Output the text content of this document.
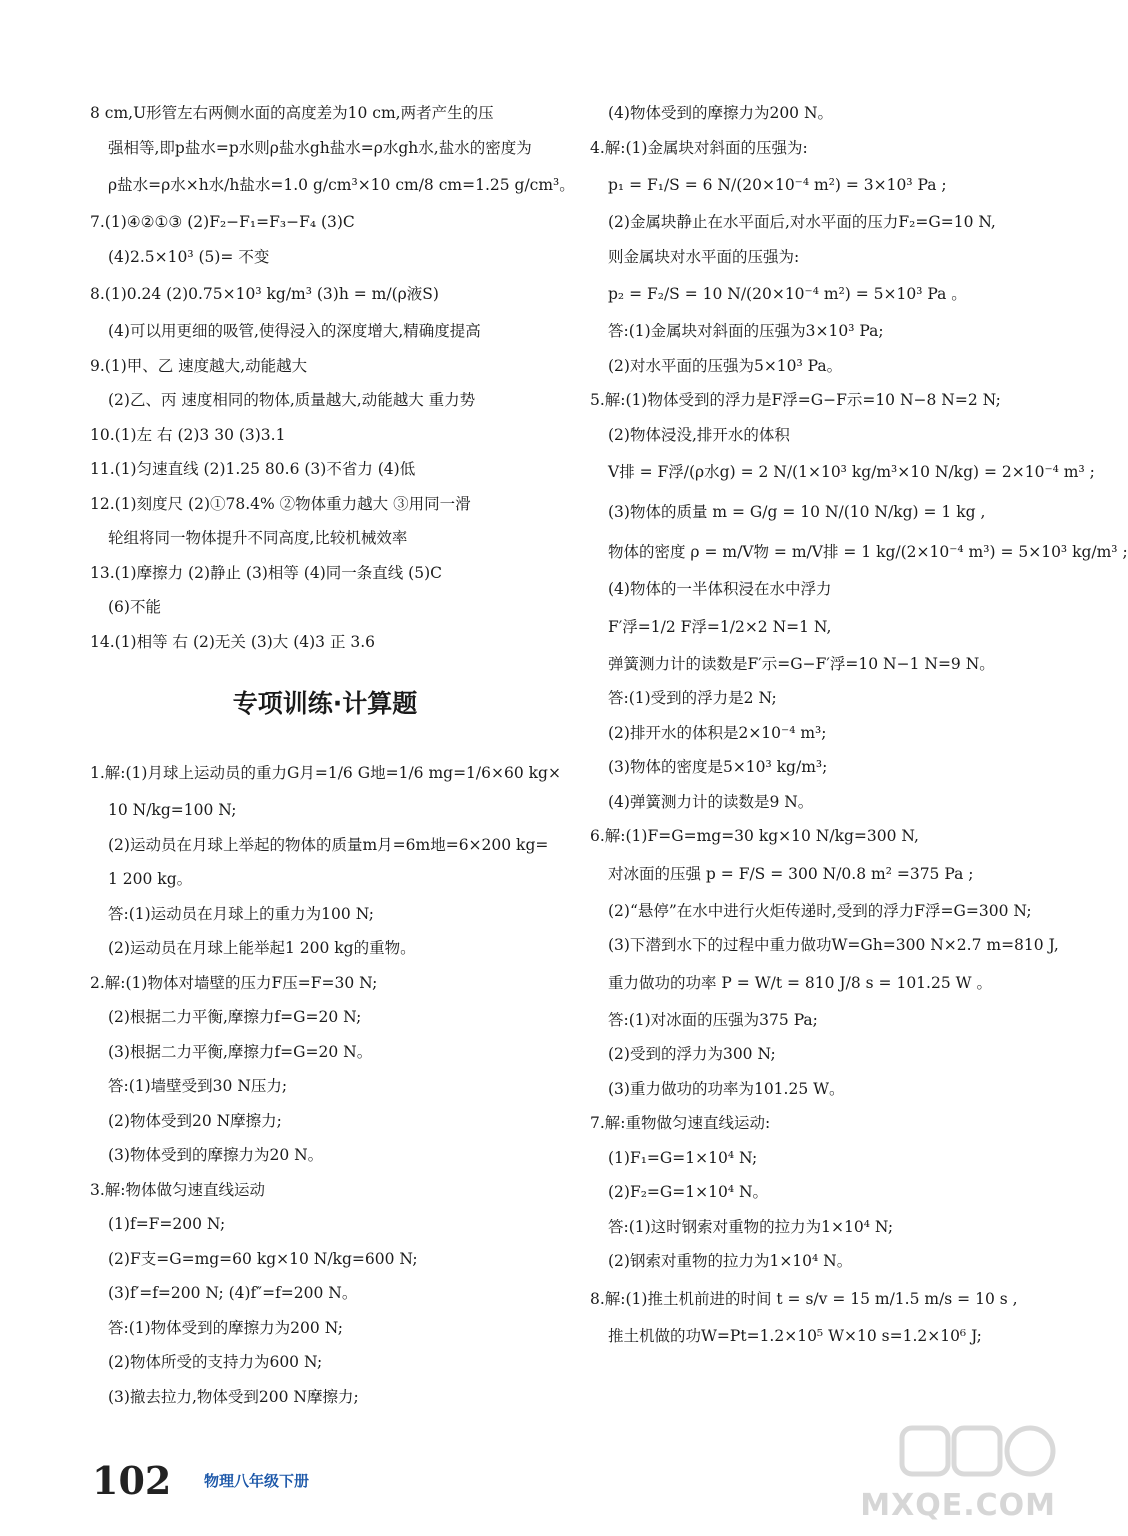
8 cm,U形管左右两侧水面的高度差为10 cm,两者产生的压
强相等,即p盐水=p水则ρ盐水gh盐水=ρ水gh水,盐水的密度为
ρ盐水=ρ水×h水/h盐水=1.0 g/cm³×10 cm/8 cm=1.25 g/cm³。
7.(1)④②①③ (2)F₂−F₁=F₃−F₄ (3)C
(4)2.5×10³ (5)= 不变
8.(1)0.24 (2)0.75×10³ kg/m³ (3)h = m/(ρ液S)
(4)可以用更细的吸管,使得浸入的深度增大,精确度提高
9.(1)甲、乙 速度越大,动能越大
(2)乙、丙 速度相同的物体,质量越大,动能越大 重力势
10.(1)左 右 (2)3 30 (3)3.1
11.(1)匀速直线 (2)1.25 80.6 (3)不省力 (4)低
12.(1)刻度尺 (2)①78.4% ②物体重力越大 ③用同一滑
轮组将同一物体提升不同高度,比较机械效率
13.(1)摩擦力 (2)静止 (3)相等 (4)同一条直线 (5)C
(6)不能
14.(1)相等 右 (2)无关 (3)大 (4)3 正 3.6
专项训练·计算题
1.解:(1)月球上运动员的重力G月=1/6 G地=1/6 mg=1/6×60 kg×
10 N/kg=100 N;
(2)运动员在月球上举起的物体的质量m月=6m地=6×200 kg=
1 200 kg。
答:(1)运动员在月球上的重力为100 N;
(2)运动员在月球上能举起1 200 kg的重物。
2.解:(1)物体对墙壁的压力F压=F=30 N;
(2)根据二力平衡,摩擦力f=G=20 N;
(3)根据二力平衡,摩擦力f=G=20 N。
答:(1)墙壁受到30 N压力;
(2)物体受到20 N摩擦力;
(3)物体受到的摩擦力为20 N。
3.解:物体做匀速直线运动
(1)f=F=200 N;
(2)F支=G=mg=60 kg×10 N/kg=600 N;
(3)f′=f=200 N; (4)f″=f=200 N。
答:(1)物体受到的摩擦力为200 N;
(2)物体所受的支持力为600 N;
(3)撤去拉力,物体受到200 N摩擦力;
(4)物体受到的摩擦力为200 N。
4.解:(1)金属块对斜面的压强为:
p₁ = F₁/S = 6 N/(20×10⁻⁴ m²) = 3×10³ Pa ;
(2)金属块静止在水平面后,对水平面的压力F₂=G=10 N,
则金属块对水平面的压强为:
p₂ = F₂/S = 10 N/(20×10⁻⁴ m²) = 5×10³ Pa 。
答:(1)金属块对斜面的压强为3×10³ Pa;
(2)对水平面的压强为5×10³ Pa。
5.解:(1)物体受到的浮力是F浮=G−F示=10 N−8 N=2 N;
(2)物体浸没,排开水的体积
V排 = F浮/(ρ水g) = 2 N/(1×10³ kg/m³×10 N/kg) = 2×10⁻⁴ m³ ;
(3)物体的质量 m = G/g = 10 N/(10 N/kg) = 1 kg ,
物体的密度 ρ = m/V物 = m/V排 = 1 kg/(2×10⁻⁴ m³) = 5×10³ kg/m³ ;
(4)物体的一半体积浸在水中浮力
F′浮=1/2 F浮=1/2×2 N=1 N,
弹簧测力计的读数是F′示=G−F′浮=10 N−1 N=9 N。
答:(1)受到的浮力是2 N;
(2)排开水的体积是2×10⁻⁴ m³;
(3)物体的密度是5×10³ kg/m³;
(4)弹簧测力计的读数是9 N。
6.解:(1)F=G=mg=30 kg×10 N/kg=300 N,
对冰面的压强 p = F/S = 300 N/0.8 m² =375 Pa ;
(2)“悬停”在水中进行火炬传递时,受到的浮力F浮=G=300 N;
(3)下潜到水下的过程中重力做功W=Gh=300 N×2.7 m=810 J,
重力做功的功率 P = W/t = 810 J/8 s = 101.25 W 。
答:(1)对冰面的压强为375 Pa;
(2)受到的浮力为300 N;
(3)重力做功的功率为101.25 W。
7.解:重物做匀速直线运动:
(1)F₁=G=1×10⁴ N;
(2)F₂=G=1×10⁴ N。
答:(1)这时钢索对重物的拉力为1×10⁴ N;
(2)钢索对重物的拉力为1×10⁴ N。
8.解:(1)推土机前进的时间 t = s/v = 15 m/1.5 m/s = 10 s ,
推土机做的功W=Pt=1.2×10⁵ W×10 s=1.2×10⁶ J;
102 物理八年级下册
MXQE.COM
